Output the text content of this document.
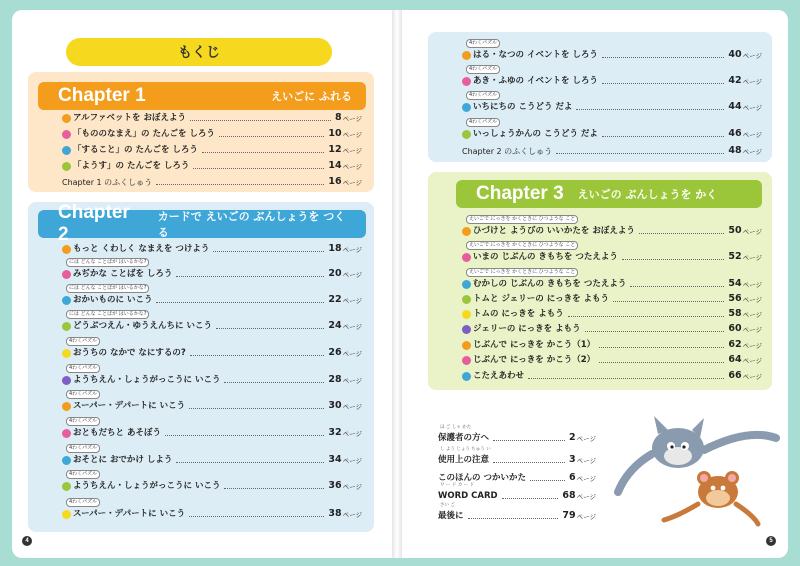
もくじ
Chapter 1	えいごに ふれる
Chapter 2
カードで えいごの ぶんしょうを つくる
Chapter 3 えいごの ぶんしょうを かく
アルファベットを おぼえよう	8 ページ
「もののなまえ」の たんごを しろう	10 ページ
「すること」の たんごを しろう	12 ページ
「ようす」の たんごを しろう	14 ページ
Chapter 1 のふくしゅう	16 ページ
もっと くわしく なまえを つけよう	18 ページ
には どんな ことばが はいるかな?
みぢかな ことばを しろう	20 ページ
には どんな ことばが はいるかな?
おかいものに いこう	22 ページ
には どんな ことばが はいるかな?
どうぶつえん・ゆうえんちに いこう	24 ページ
4わくパズル
おうちの なかで なにするの?	26 ページ
4わくパズル
ようちえん・しょうがっこうに いこう	28 ページ
4わくパズル
スーパー・デパートに いこう	30 ページ
4わくパズル
おともだちと あそぼう	32 ページ
4わくパズル
おそとに おでかけ しよう	34 ページ
4わくパズル
ようちえん・しょうがっこうに いこう	36 ページ
4わくパズル
スーパー・デパートに いこう	38 ページ
4わくパズル
はる・なつの イベントを しろう	40 ページ
4わくパズル
あき・ふゆの イベントを しろう	42 ページ
4わくパズル
いちにちの こうどう だよ	44 ページ
4わくパズル
いっしょうかんの こうどう だよ	46 ページ
Chapter 2 のふくしゅう	48 ページ
えいごで にっきを かくときに ひつような こと
ひづけと ようびの いいかたを おぼえよう	50 ページ
えいごで にっきを かくときに ひつような こと
いまの じぶんの きもちを つたえよう	52 ページ
えいごで にっきを かくときに ひつような こと
むかしの じぶんの きもちを つたえよう	54 ページ
トムと ジェリーの にっきを よもう	56 ページ
トムの にっきを よもう	58 ページ
ジェリーの にっきを よもう	60 ページ
じぶんで にっきを かこう（1）	62 ページ
じぶんで にっきを かこう（2）	64 ページ
こたえあわせ	66 ページ
ほ ご しゃ かた
保護者の方へ	2 ページ
し よう じょう ちゅう い
使用上の注意	3 ページ
このほんの つかいかた	6 ページ
ワ ー ド カ ー ド
WORD CARD	68 ページ
さい ご
最後に	79 ページ
4	5
